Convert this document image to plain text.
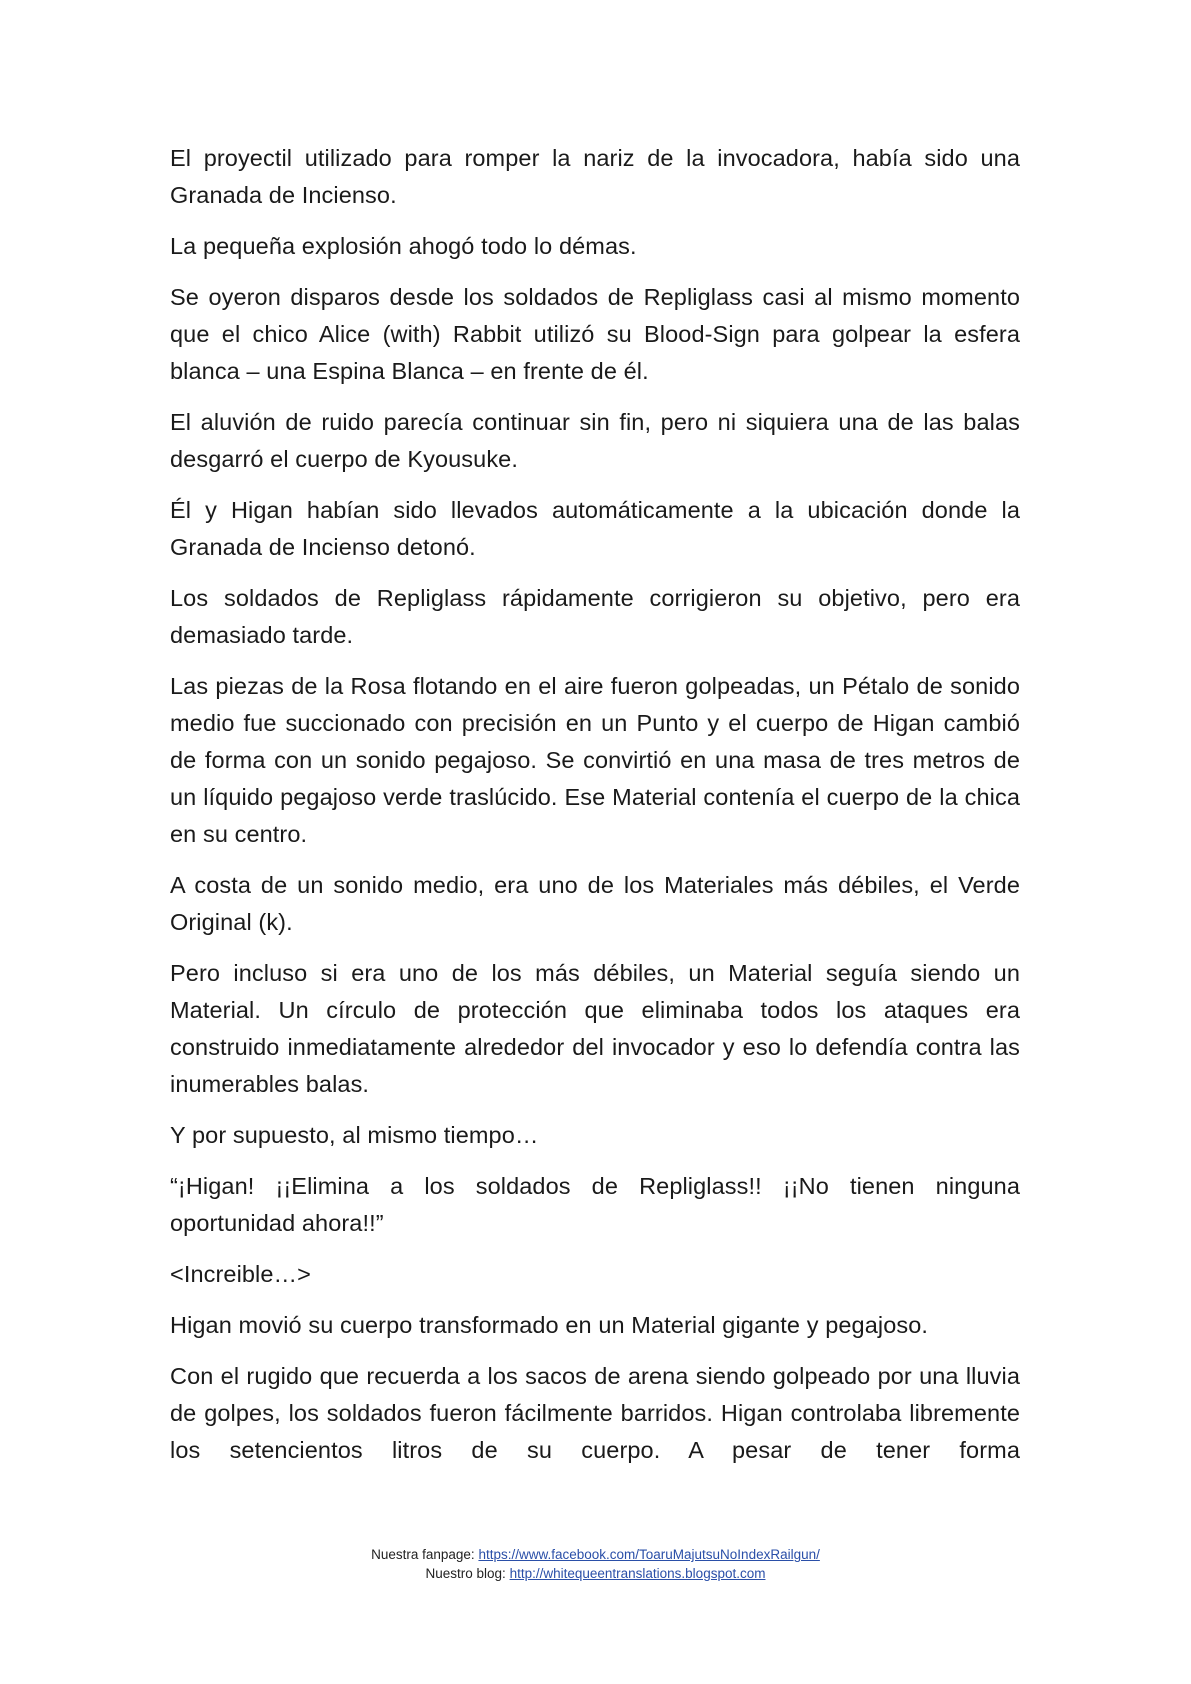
El proyectil utilizado para romper la nariz de la invocadora, había sido una Granada de Incienso.

La pequeña explosión ahogó todo lo démas.

Se oyeron disparos desde los soldados de Repliglass casi al mismo momento que el chico Alice (with) Rabbit utilizó su Blood-Sign para golpear la esfera blanca – una Espina Blanca – en frente de él.

El aluvión de ruido parecía continuar sin fin, pero ni siquiera una de las balas desgarró el cuerpo de Kyousuke.

Él y Higan habían sido llevados automáticamente a la ubicación donde la Granada de Incienso detonó.

Los soldados de Repliglass rápidamente corrigieron su objetivo, pero era demasiado tarde.

Las piezas de la Rosa flotando en el aire fueron golpeadas, un Pétalo de sonido medio fue succionado con precisión en un Punto y el cuerpo de Higan cambió de forma con un sonido pegajoso. Se convirtió en una masa de tres metros de un líquido pegajoso verde traslúcido. Ese Material contenía el cuerpo de la chica en su centro.

A costa de un sonido medio, era uno de los Materiales más débiles, el Verde Original (k).

Pero incluso si era uno de los más débiles, un Material seguía siendo un Material. Un círculo de protección que eliminaba todos los ataques era construido inmediatamente alrededor del invocador y eso lo defendía contra las inumerables balas.

Y por supuesto, al mismo tiempo…

“¡Higan! ¡¡Elimina a los soldados de Repliglass!! ¡¡No tienen ninguna oportunidad ahora!!”

<Increible…>

Higan movió su cuerpo transformado en un Material gigante y pegajoso.

Con el rugido que recuerda a los sacos de arena siendo golpeado por una lluvia de golpes, los soldados fueron fácilmente barridos. Higan controlaba libremente los setencientos litros de su cuerpo. A pesar de tener forma

Nuestra fanpage: https://www.facebook.com/ToaruMajutsuNoIndexRailgun/
Nuestro blog: http://whitequeentranslations.blogspot.com
